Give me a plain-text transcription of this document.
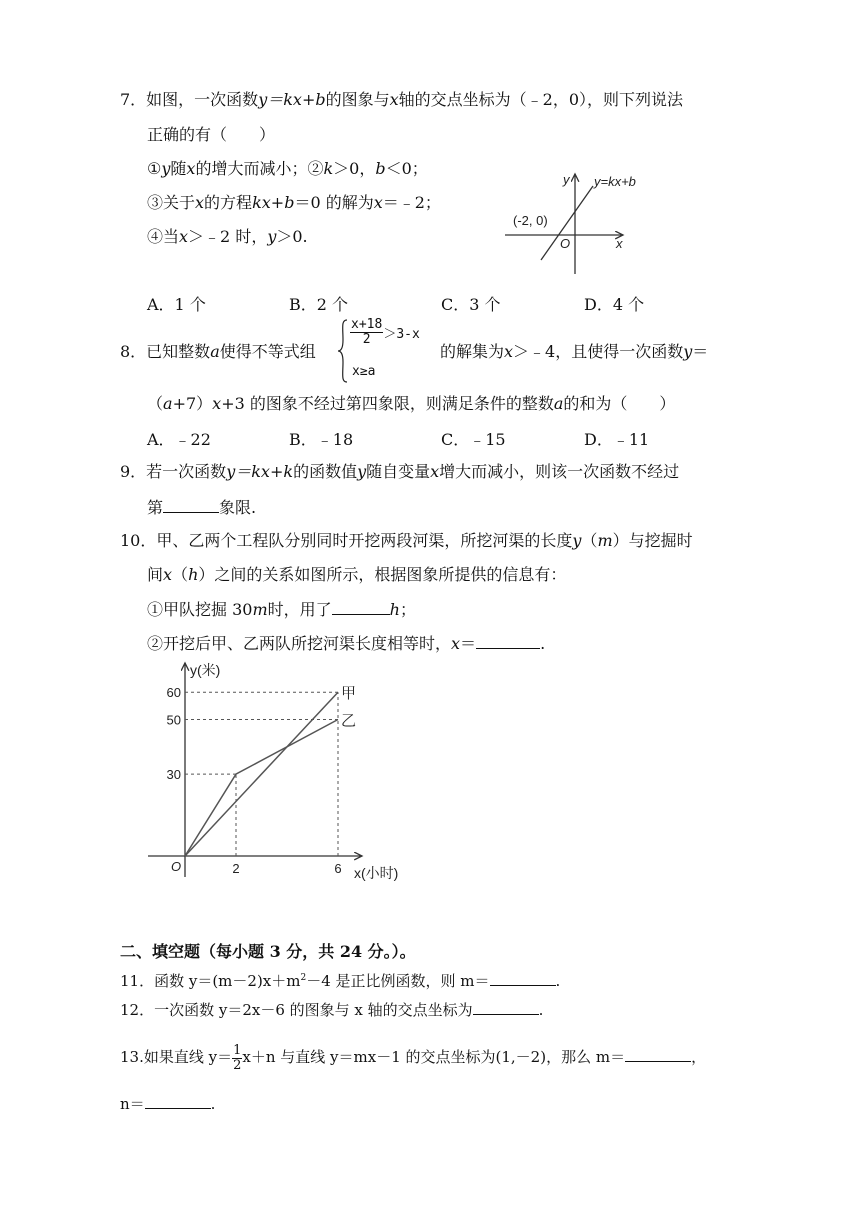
7．如图，一次函数y＝kx+b的图象与x轴的交点坐标为（﹣2，0），则下列说法
正确的有（　　）
①y随x的增大而减小；②k＞0，b＜0；
③关于x的方程kx+b＝0 的解为x＝﹣2；
④当x＞﹣2 时，y＞0.
y y=kx+b
(-2, 0)
O	x
A．1 个	B．2 个	C．3 个	D．4 个
8．已知整数a使得不等式组
$\frac{x+18}{2} >3-x$
x≥a
的解集为x＞﹣4，且使得一次函数y＝
（a+7）x+3 的图象不经过第四象限，则满足条件的整数a的和为（　　）
A．﹣22	B．﹣18	C．﹣15	D．﹣11
9．若一次函数y＝kx+k的函数值y随自变量x增大而减小，则该一次函数不经过
第	象限.
10．甲、乙两个工程队分别同时开挖两段河渠，所挖河渠的长度y（m）与挖掘时
间x（h）之间的关系如图所示，根据图象所提供的信息有：
①甲队挖掘 30m时，用了	h；
②开挖后甲、乙两队所挖河渠长度相等时，x＝	.
y(米)
x(小时)
O
30
50
60
2	6
甲
乙
二、填空题（每小题 3 分，共 24 分。）。
11．函数 $y=(m-2)x+m^2-4$ 是正比例函数，则 m＝	.
12．一次函数 y＝2x－6 的图象与 x 轴的交点坐标为	.
13.如果直线 $y= \frac{1}{2} x+n$ 与直线 y＝mx－1 的交点坐标为(1,－2)，那么 m＝	，
n＝	.
